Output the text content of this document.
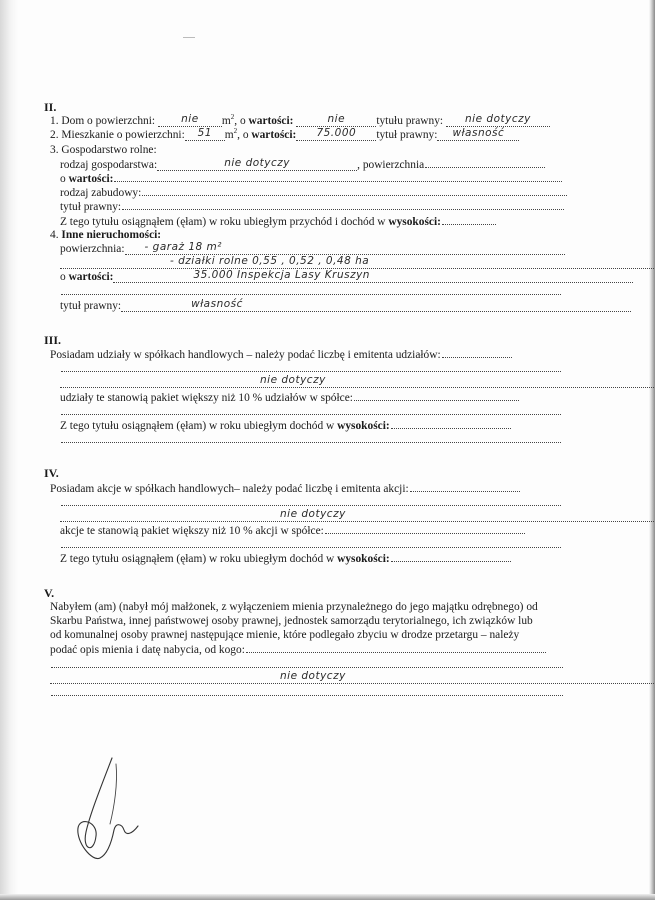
II.
1. Dom o powierzchni: nie $m^2$, o wartości:	nie	tytułu prawny: nie dotyczy
2. Mieszkanie o powierzchni: 51 $m^2$, o wartości: 75.000 tytuł prawny: własność
3. Gospodarstwo rolne:
rodzaj gospodarstwa:	nie dotyczy	, powierzchnia
o wartości:
rodzaj zabudowy:
tytuł prawny:
Z tego tytułu osiągnąłem (ęłam) w roku ubiegłym przychód i dochód w wysokości:
4. Inne nieruchomości:
powierzchnia: - garaż 18 m²
- działki rolne 0,55 , 0,52 , 0,48 ha
o wartości:	35.000 Inspekcja Lasy Kruszyn
tytuł prawny:	własność
III.
Posiadam udziały w spółkach handlowych – należy podać liczbę i emitenta udziałów:
nie dotyczy
udziały te stanowią pakiet większy niż 10 % udziałów w spółce:
Z tego tytułu osiągnąłem (ęłam) w roku ubiegłym dochód w wysokości:
IV.
Posiadam akcje w spółkach handlowych– należy podać liczbę i emitenta akcji:
nie dotyczy
akcje te stanowią pakiet większy niż 10 % akcji w spółce:
Z tego tytułu osiągnąłem (ęłam) w roku ubiegłym dochód w wysokości:
V.
Nabyłem (am) (nabył mój małżonek, z wyłączeniem mienia przynależnego do jego majątku odrębnego) od
Skarbu Państwa, innej państwowej osoby prawnej, jednostek samorządu terytorialnego, ich związków lub
od komunalnej osoby prawnej następujące mienie, które podlegało zbyciu w drodze przetargu – należy
podać opis mienia i datę nabycia, od kogo:
nie dotyczy
